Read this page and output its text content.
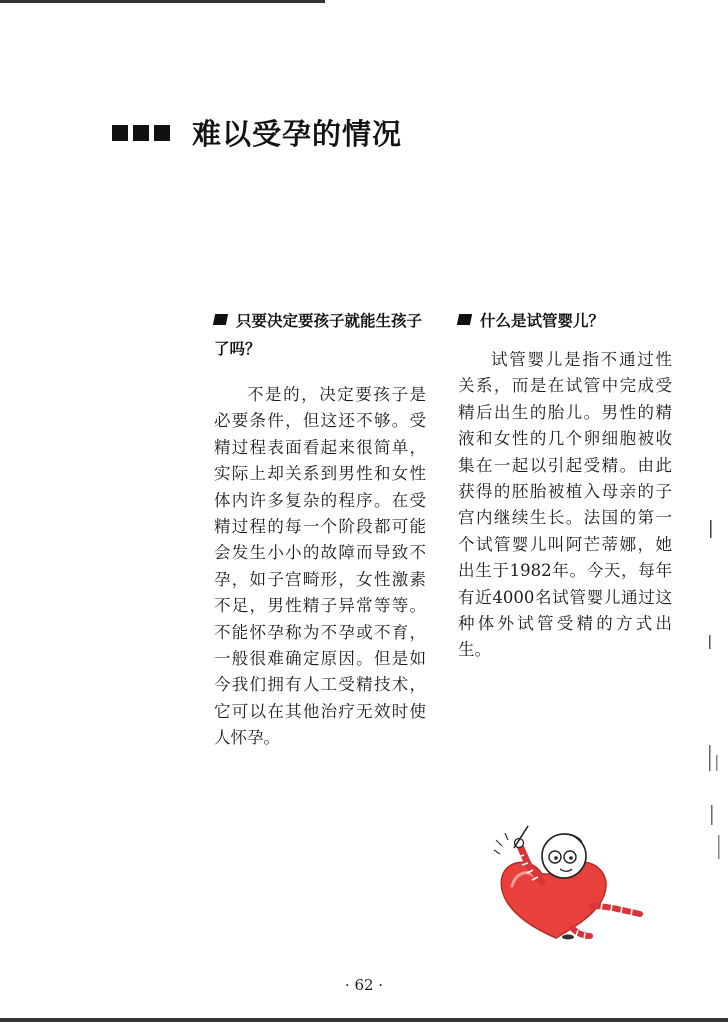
难以受孕的情况

只要决定要孩子就能生孩子了吗？

不是的，决定要孩子是必要条件，但这还不够。受精过程表面看起来很简单，实际上却关系到男性和女性体内许多复杂的程序。在受精过程的每一个阶段都可能会发生小小的故障而导致不孕，如子宫畸形，女性激素不足，男性精子异常等等。不能怀孕称为不孕或不育，一般很难确定原因。但是如今我们拥有人工受精技术，它可以在其他治疗无效时使人怀孕。

什么是试管婴儿？

试管婴儿是指不通过性关系，而是在试管中完成受精后出生的胎儿。男性的精液和女性的几个卵细胞被收集在一起以引起受精。由此获得的胚胎被植入母亲的子宫内继续生长。法国的第一个试管婴儿叫阿芒蒂娜，她出生于1982年。今天，每年有近4000名试管婴儿通过这种体外试管受精的方式出生。

· 62 ·
